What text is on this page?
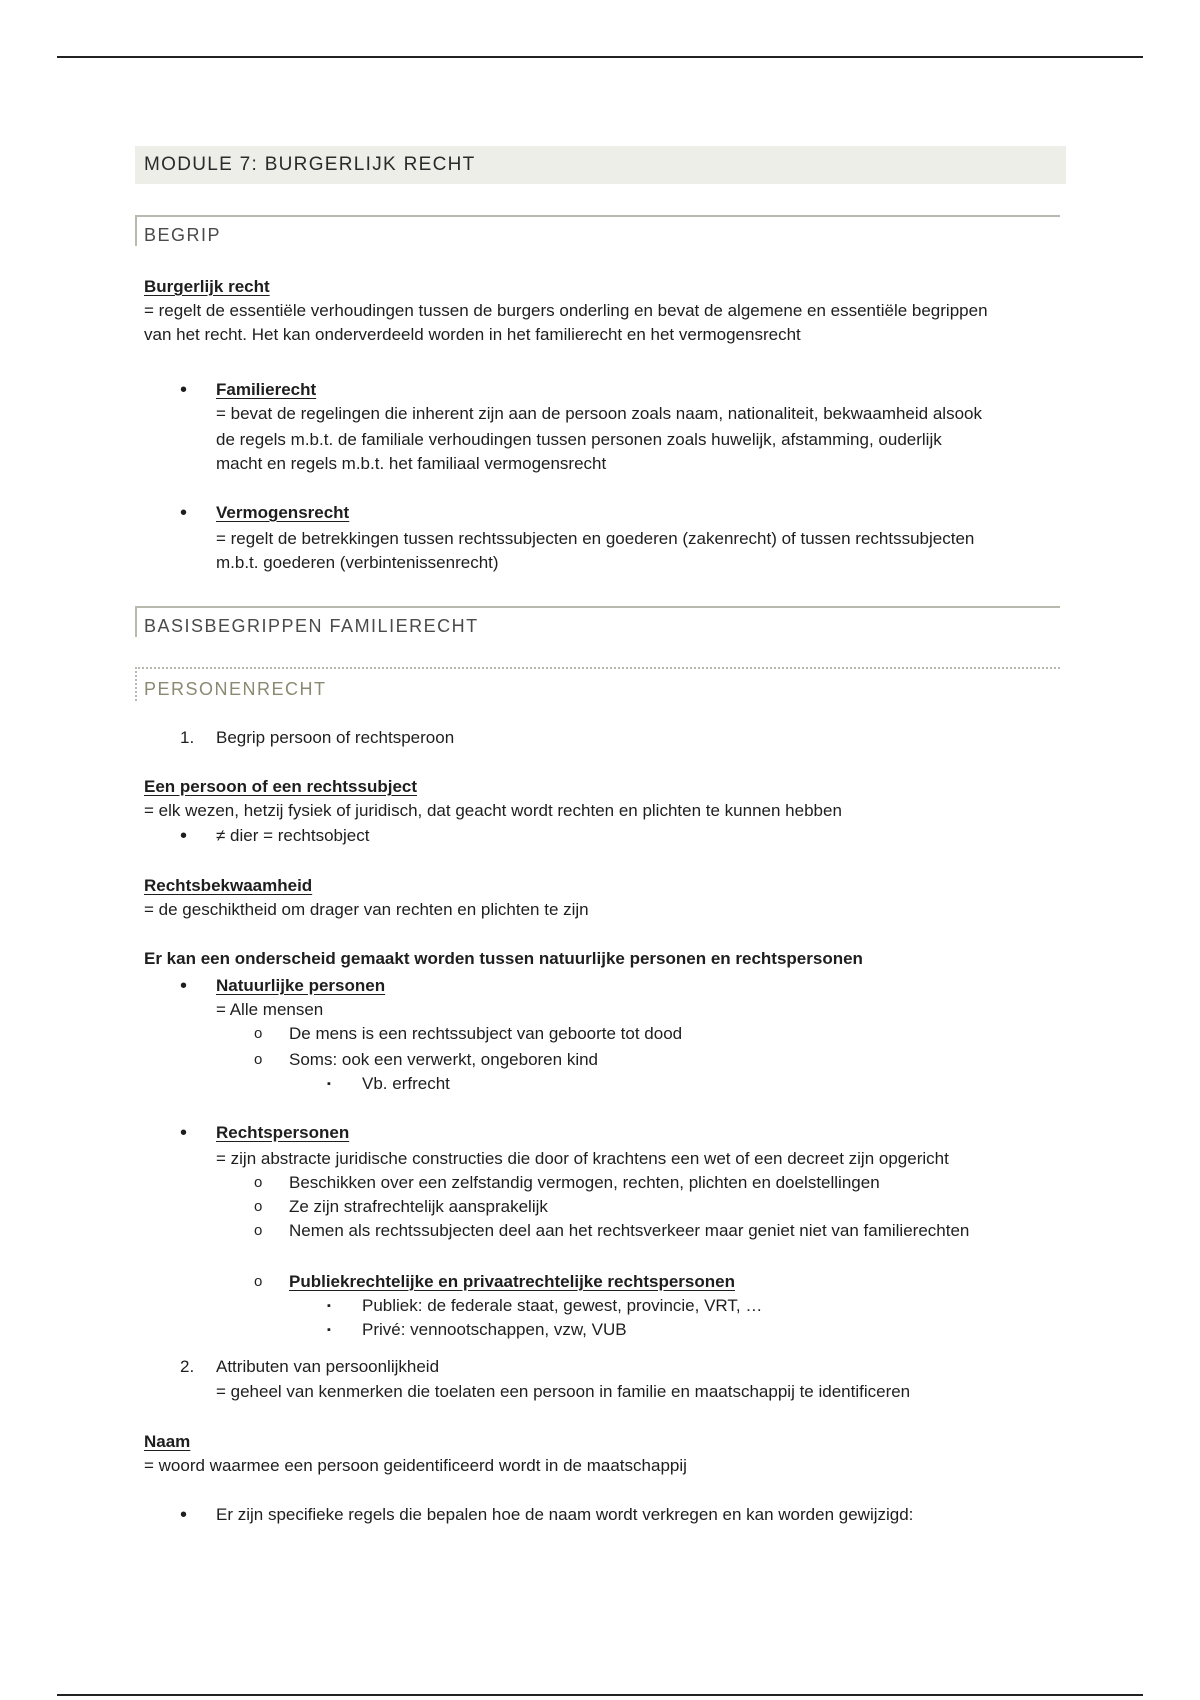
MODULE 7: BURGERLIJK RECHT
BEGRIP
Burgerlijk recht
= regelt de essentiële verhoudingen tussen de burgers onderling en bevat de algemene en essentiële begrippen
van het recht. Het kan onderverdeeld worden in het familierecht en het vermogensrecht
• Familierecht
= bevat de regelingen die inherent zijn aan de persoon zoals naam, nationaliteit, bekwaamheid alsook
de regels m.b.t. de familiale verhoudingen tussen personen zoals huwelijk, afstamming, ouderlijk
macht en regels m.b.t. het familiaal vermogensrecht
• Vermogensrecht
= regelt de betrekkingen tussen rechtssubjecten en goederen (zakenrecht) of tussen rechtssubjecten
m.b.t. goederen (verbintenissenrecht)
BASISBEGRIPPEN FAMILIERECHT
PERSONENRECHT
1. Begrip persoon of rechtsperoon
Een persoon of een rechtssubject
= elk wezen, hetzij fysiek of juridisch, dat geacht wordt rechten en plichten te kunnen hebben
• ≠ dier = rechtsobject
Rechtsbekwaamheid
= de geschiktheid om drager van rechten en plichten te zijn
Er kan een onderscheid gemaakt worden tussen natuurlijke personen en rechtspersonen
• Natuurlijke personen
= Alle mensen
o De mens is een rechtssubject van geboorte tot dood
o Soms: ook een verwerkt, ongeboren kind
▪ Vb. erfrecht
• Rechtspersonen
= zijn abstracte juridische constructies die door of krachtens een wet of een decreet zijn opgericht
o Beschikken over een zelfstandig vermogen, rechten, plichten en doelstellingen
o Ze zijn strafrechtelijk aansprakelijk
o Nemen als rechtssubjecten deel aan het rechtsverkeer maar geniet niet van familierechten
o Publiekrechtelijke en privaatrechtelijke rechtspersonen
▪ Publiek: de federale staat, gewest, provincie, VRT, …
▪ Privé: vennootschappen, vzw, VUB
2. Attributen van persoonlijkheid
= geheel van kenmerken die toelaten een persoon in familie en maatschappij te identificeren
Naam
= woord waarmee een persoon geidentificeerd wordt in de maatschappij
• Er zijn specifieke regels die bepalen hoe de naam wordt verkregen en kan worden gewijzigd:
